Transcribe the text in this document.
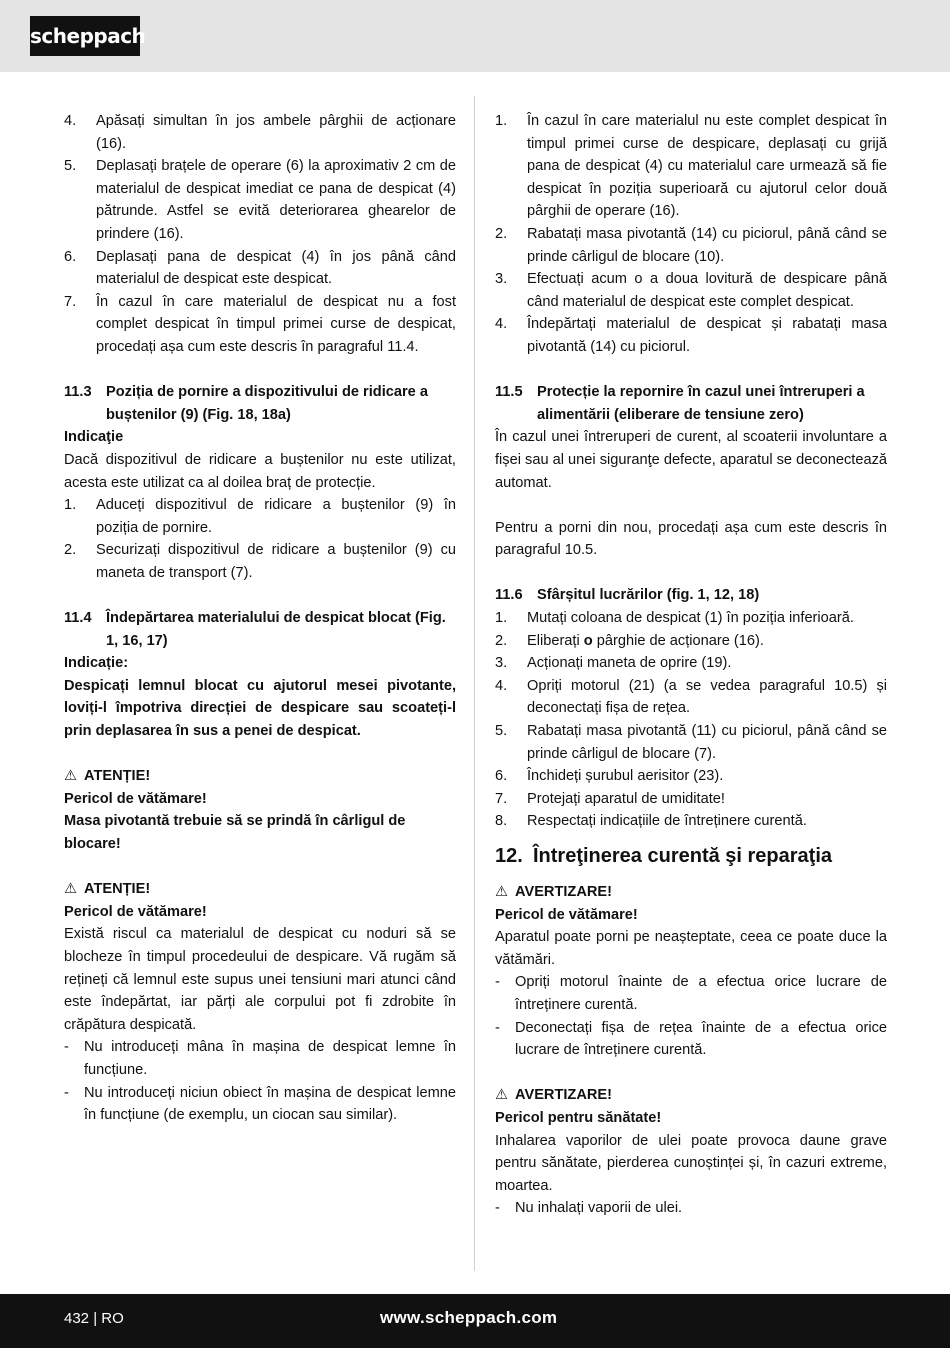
scheppach
4. Apăsați simultan în jos ambele pârghii de acționare (16).
5. Deplasați brațele de operare (6) la aproximativ 2 cm de materialul de despicat imediat ce pana de despicat (4) pătrunde. Astfel se evită deteriorarea ghearelor de prindere (16).
6. Deplasați pana de despicat (4) în jos până când materialul de despicat este despicat.
7. În cazul în care materialul de despicat nu a fost complet despicat în timpul primei curse de despicat, procedați așa cum este descris în paragraful 11.4.
11.3 Poziția de pornire a dispozitivului de ridicare a buștenilor (9) (Fig. 18, 18a)

Indicaţie

Dacă dispozitivul de ridicare a buștenilor nu este utilizat, acesta este utilizat ca al doilea braț de protecție.

1. Aduceți dispozitivul de ridicare a buștenilor (9) în poziția de pornire.
2. Securizați dispozitivul de ridicare a buștenilor (9) cu maneta de transport (7).
11.4 Îndepărtarea materialului de despicat blocat (Fig. 1, 16, 17)

Indicație:

Despicați lemnul blocat cu ajutorul mesei pivotante, loviți-l împotriva direcției de despicare sau scoateți-l prin deplasarea în sus a penei de despicat.

⚠ ATENȚIE!

Pericol de vătămare!

Masa pivotantă trebuie să se prindă în cârligul de blocare!

⚠ ATENȚIE!

Pericol de vătămare!

Există riscul ca materialul de despicat cu noduri să se blocheze în timpul procedeului de despicare. Vă rugăm să rețineți că lemnul este supus unei tensiuni mari atunci când este îndepărtat, iar părți ale corpului pot fi zdrobite în crăpătura despicată.

- Nu introduceți mâna în mașina de despicat lemne în funcțiune.
- Nu introduceți niciun obiect în mașina de despicat lemne în funcțiune (de exemplu, un ciocan sau similar).
1. În cazul în care materialul nu este complet despicat în timpul primei curse de despicare, deplasați cu grijă pana de despicat (4) cu materialul care urmează să fie despicat în poziția superioară cu ajutorul celor două pârghii de operare (16).
2. Rabatați masa pivotantă (14) cu piciorul, până când se prinde cârligul de blocare (10).
3. Efectuați acum o a doua lovitură de despicare până când materialul de despicat este complet despicat.
4. Îndepărtați materialul de despicat și rabatați masa pivotantă (14) cu piciorul.
11.5 Protecție la repornire în cazul unei întreruperi a alimentării (eliberare de tensiune zero)

În cazul unei întreruperi de curent, al scoaterii involuntare a fișei sau al unei siguranţe defecte, aparatul se deconectează automat.

Pentru a porni din nou, procedați așa cum este descris în paragraful 10.5.

11.6 Sfârșitul lucrărilor (fig. 1, 12, 18)
1. Mutați coloana de despicat (1) în poziția inferioară.
2. Eliberați o pârghie de acționare (16).
3. Acționați maneta de oprire (19).
4. Opriți motorul (21) (a se vedea paragraful 10.5) și deconectați fișa de rețea.
5. Rabatați masa pivotantă (11) cu piciorul, până când se prinde cârligul de blocare (7).
6. Închideți șurubul aerisitor (23).
7. Protejați aparatul de umiditate!
8. Respectați indicațiile de întreținere curentă.
12. Întreţinerea curentă şi reparaţia

⚠ AVERTIZARE!

Pericol de vătămare!

Aparatul poate porni pe neașteptate, ceea ce poate duce la vătămări.

- Opriți motorul înainte de a efectua orice lucrare de întreținere curentă.
- Deconectați fișa de rețea înainte de a efectua orice lucrare de întreținere curentă.

⚠ AVERTIZARE!

Pericol pentru sănătate!

Inhalarea vaporilor de ulei poate provoca daune grave pentru sănătate, pierderea cunoștinței și, în cazuri extreme, moartea.

- Nu inhalați vaporii de ulei.
432 | RO	www.scheppach.com
